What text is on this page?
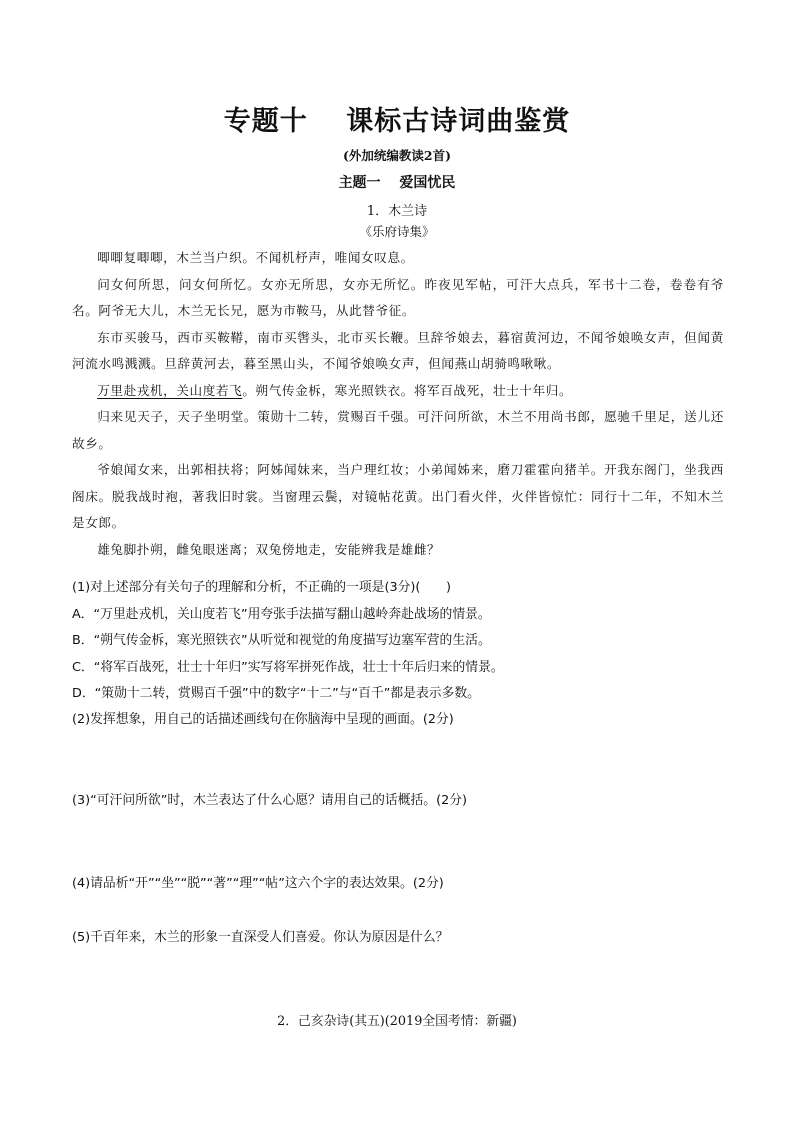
专题十　 课标古诗词曲鉴赏
(外加统编教读2首)
主题一　 爱国忧民
1．木兰诗
《乐府诗集》

唧唧复唧唧，木兰当户织。不闻机杼声，唯闻女叹息。

问女何所思，问女何所忆。女亦无所思，女亦无所忆。昨夜见军帖，可汗大点兵，军书十二卷，卷卷有爷名。阿爷无大儿，木兰无长兄，愿为市鞍马，从此替爷征。

东市买骏马，西市买鞍鞯，南市买辔头，北市买长鞭。旦辞爷娘去，暮宿黄河边，不闻爷娘唤女声，但闻黄河流水鸣溅溅。旦辞黄河去，暮至黑山头，不闻爷娘唤女声，但闻燕山胡骑鸣啾啾。

万里赴戎机，关山度若飞。朔气传金柝，寒光照铁衣。将军百战死，壮士十年归。

归来见天子，天子坐明堂。策勋十二转，赏赐百千强。可汗问所欲，木兰不用尚书郎，愿驰千里足，送儿还故乡。

爷娘闻女来，出郭相扶将；阿姊闻妹来，当户理红妆；小弟闻姊来，磨刀霍霍向猪羊。开我东阁门，坐我西阁床。脱我战时袍，著我旧时裳。当窗理云鬓，对镜帖花黄。出门看火伴，火伴皆惊忙：同行十二年，不知木兰是女郎。

雄兔脚扑朔，雌兔眼迷离；双兔傍地走，安能辨我是雄雌？

(1)对上述部分有关句子的理解和分析，不正确的一项是(3分)(　　)

A．“万里赴戎机，关山度若飞”用夸张手法描写翻山越岭奔赴战场的情景。

B．“朔气传金柝，寒光照铁衣”从听觉和视觉的角度描写边塞军营的生活。

C．“将军百战死，壮士十年归”实写将军拼死作战，壮士十年后归来的情景。

D．“策勋十二转，赏赐百千强”中的数字“十二”与“百千”都是表示多数。

(2)发挥想象，用自己的话描述画线句在你脑海中呈现的画面。(2分)
(3)“可汗问所欲”时，木兰表达了什么心愿？请用自己的话概括。(2分)
(4)请品析“开”“坐”“脱”“著”“理”“帖”这六个字的表达效果。(2分)
(5)千百年来，木兰的形象一直深受人们喜爱。你认为原因是什么？
2．己亥杂诗(其五)(2019全国考情：新疆)
